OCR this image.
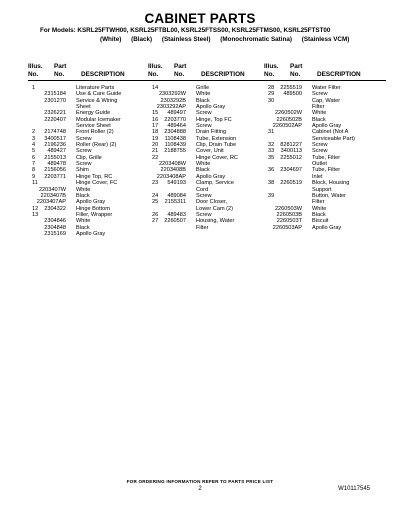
CABINET PARTS
For Models: KSRL25FTWH00, KSRL25FTBL00, KSRL25FTSS00, KSRL25FTMS00, KSRL25FTST00
(White) (Black) (Stainless Steel) (Monochromatic Satina) (Stainless VCM)
Illus.
No.
Part
No.	DESCRIPTION
1	Literature Parts
2315184 Use & Care Guide
2301270 Service & Wiring
Sheet
2326221 Energy Guide
2220407 Modular Icemaker
Service Sheet
2	2174748 Front Roller (2)
3	3400517 Screw
4	2196236 Roller (Rear) (2)
5	489427 Screw
6	2155013 Clip, Grille
7	489478 Screw
8	2156056 Shim
9	2203771 Hinge Top, RC
11	Hinge Cover, FC
2203407W White
2203407B Black
2203407AP Apollo Gray
12	2304322 Hinge Bottom
13	Filler, Wrapper
2304846 White
2304848 Black
2315169 Apollo Gray
Illus.
No.
Part
No.	DESCRIPTION
14	Grille
2303292W White
2303292B Black
2303292AP Apollo Gray
15	489497 Screw
16	2203770 Hinge, Top FC
17	489464 Screw
18	2304888 Drain Fitting
19	1108438 Tube, Extension
20	1108439 Clip, Drain Tube
21	2188755 Cover, Unit
22	Hinge Cover, RC
2203408W White
2203408B Black
2203408AP Apollo Gray
23	549193 Clamp, Service
Cord
24	489084 Screw
25	2155311 Door Closer,
Lower Cam (2)
26	489483 Screw
27	2260507 Housing, Water
Filter
Illus.
No.
Part
No.	DESCRIPTION
28	2255519 Water Filter
29	489500 Screw
30	Cap, Water
Filter
2260502W White
2260502B Black
2260502AP Apollo Gray
31	Cabinet (Not A
Serviceable Part)
32	8281227 Screw
33	3400113 Screw
35	2255012 Tube, Filter
Outlet
36	2304697 Tube, Filter
Inlet
38	2260519 Block, Housing
Support
39	Button, Water
Filter
2260503W White
2260503B Black
2260503T Biscuit
2260503AP Apollo Gray
FOR ORDERING INFORMATION REFER TO PARTS PRICE LIST
2	W10117545
